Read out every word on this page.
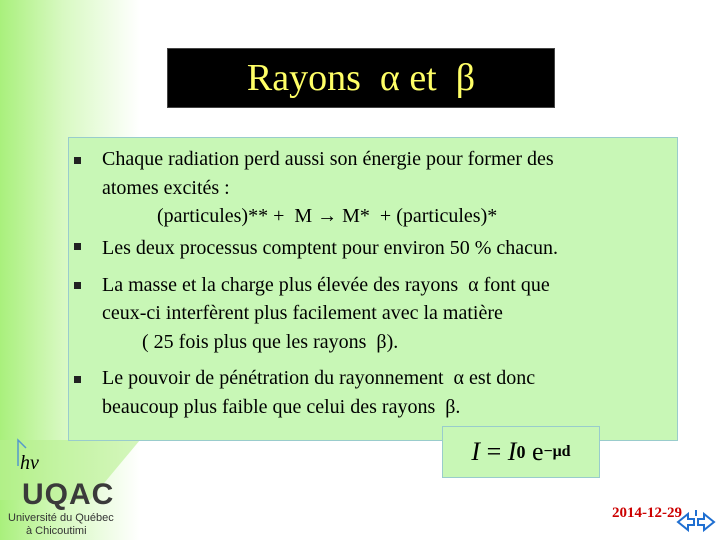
Rayons  α et  β
Chaque radiation perd aussi son énergie pour former des
atomes excités :
(particules)** +  M → M*  + (particules)*
Les deux processus comptent pour environ 50 % chacun.
La masse et la charge plus élevée des rayons  α font que
ceux-ci interfèrent plus facilement avec la matière
( 25 fois plus que les rayons  β).
Le pouvoir de pénétration du rayonnement  α est donc
beaucoup plus faible que celui des rayons  β.
I = I 0 e −μd
hν
UQAC
Université du Québec
à Chicoutimi
2014-12-29
